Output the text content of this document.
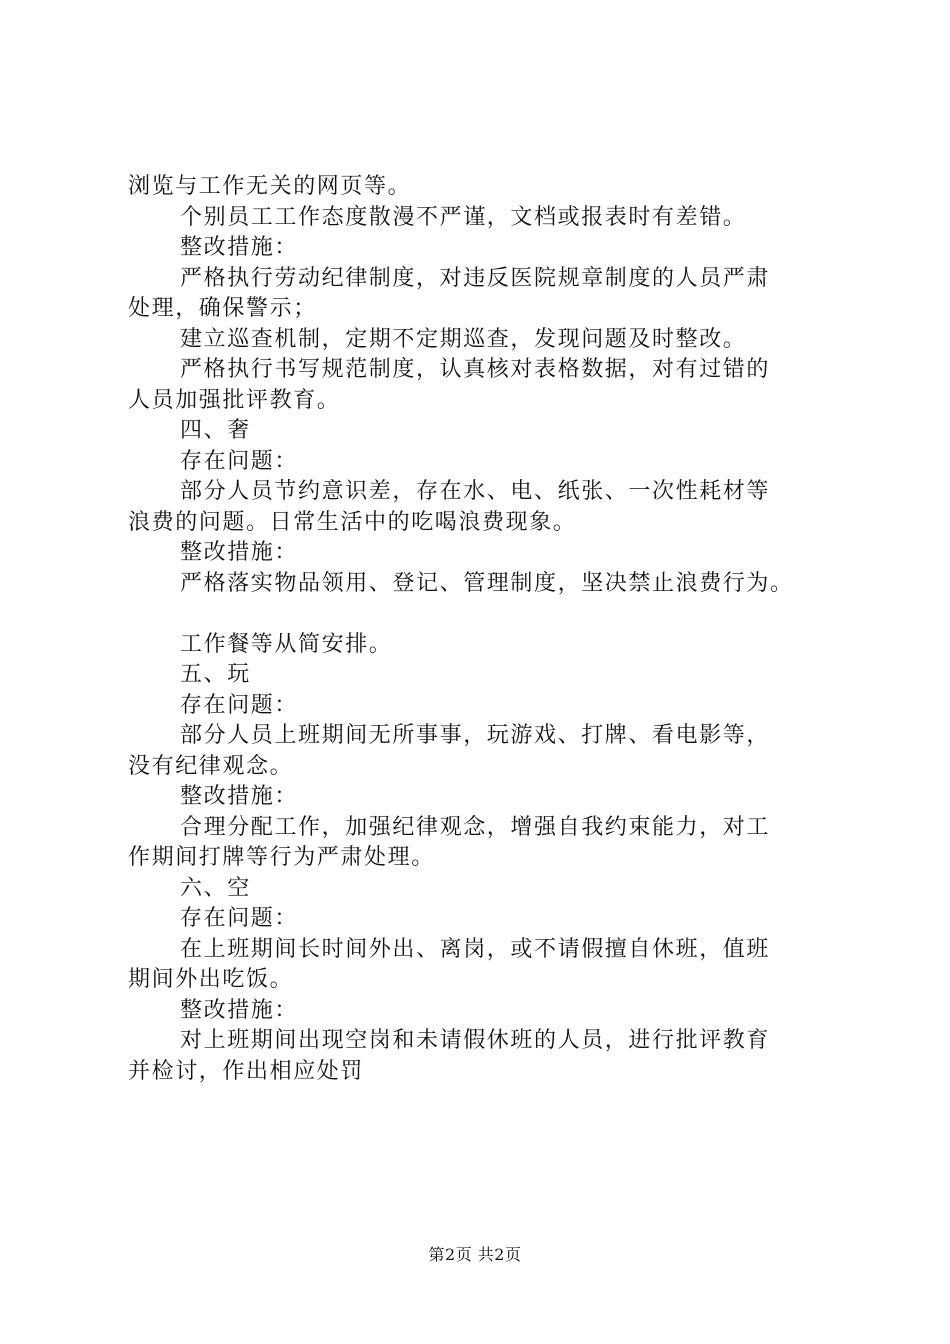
浏览与工作无关的网页等。

个别员工工作态度散漫不严谨，文档或报表时有差错。

整改措施：

严格执行劳动纪律制度，对违反医院规章制度的人员严肃

处理，确保警示；

建立巡查机制，定期不定期巡查，发现问题及时整改。

严格执行书写规范制度，认真核对表格数据，对有过错的

人员加强批评教育。

四、奢

存在问题：

部分人员节约意识差，存在水、电、纸张、一次性耗材等

浪费的问题。日常生活中的吃喝浪费现象。

整改措施：

严格落实物品领用、登记、管理制度，坚决禁止浪费行为。

工作餐等从简安排。

五、玩

存在问题：

部分人员上班期间无所事事，玩游戏、打牌、看电影等，

没有纪律观念。

整改措施：

合理分配工作，加强纪律观念，增强自我约束能力，对工

作期间打牌等行为严肃处理。

六、空

存在问题：

在上班期间长时间外出、离岗，或不请假擅自休班，值班

期间外出吃饭。

整改措施：

对上班期间出现空岗和未请假休班的人员，进行批评教育

并检讨，作出相应处罚

第2页 共2页
